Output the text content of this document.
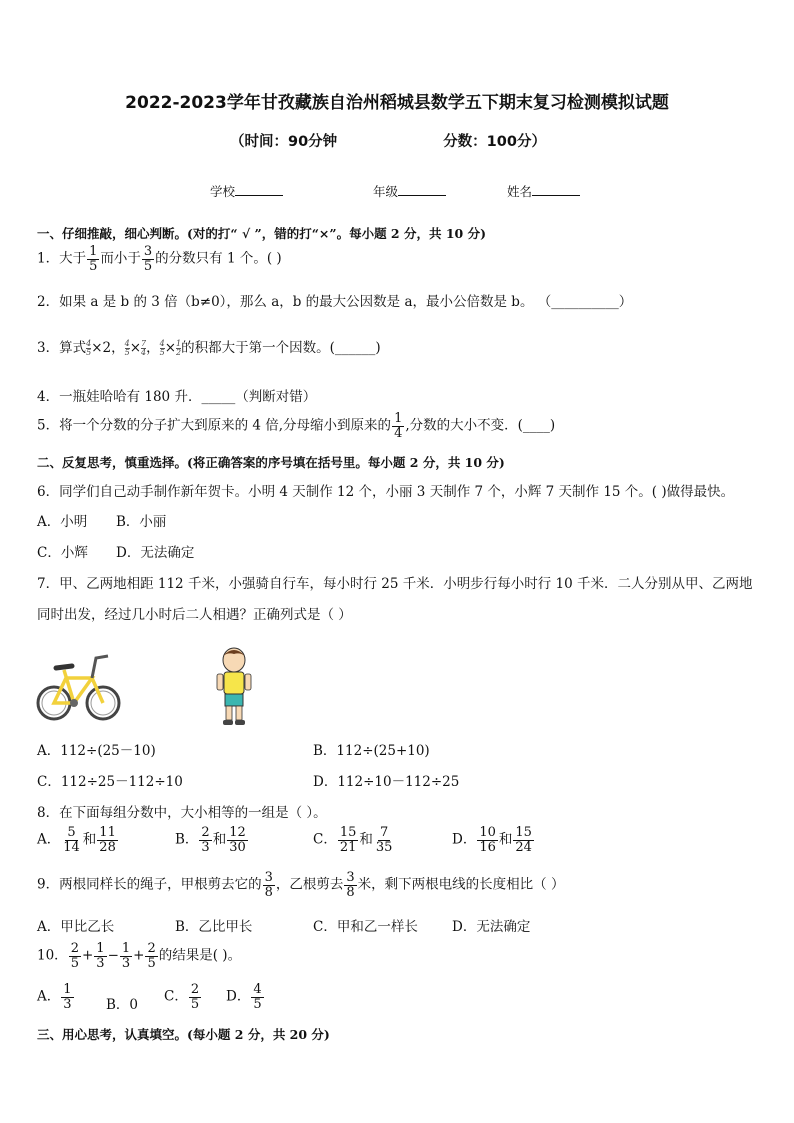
2022-2023学年甘孜藏族自治州稻城县数学五下期末复习检测模拟试题
（时间：90分钟	分数：100分）
学校	年级	姓名
一、仔细推敲，细心判断。(对的打“ √ ”，错的打“×”。每小题 2 分，共 10 分)
1．大于 $\frac{1}{5}$ 而小于 $\frac{3}{5}$ 的分数只有 1 个。( )
2．如果 a 是 b 的 3 倍（b≠0），那么 a，b 的最大公因数是 a，最小公倍数是 b。 （__________）
3．算式 $\frac{4}{5} \times 2$， $\frac{4}{5} \times \frac{7}{4}$ ， $\frac{4}{5} \times \frac{1}{2}$ 的积都大于第一个因数。(______)
4．一瓶娃哈哈有 180 升．_____（判断对错）
5．将一个分数的分子扩大到原来的 4 倍,分母缩小到原来的 $\frac{1}{4}$ ,分数的大小不变．(____)
二、反复思考，慎重选择。(将正确答案的序号填在括号里。每小题 2 分，共 10 分)
6．同学们自己动手制作新年贺卡。小明 4 天制作 12 个，小丽 3 天制作 7 个，小辉 7 天制作 15 个。( )做得最快。
A．小明 B．小丽
C．小辉 D．无法确定
7．甲、乙两地相距 112 千米，小强骑自行车，每小时行 25 千米．小明步行每小时行 10 千米．二人分别从甲、乙两地
同时出发，经过几小时后二人相遇？正确列式是（ ）
A．112÷(25－10)	B．112÷(25+10)
C．112÷25－112÷10	D．112÷10－112÷25
8．在下面每组分数中，大小相等的一组是（ ）。
A． $\frac{5}{14}$ 和 $\frac{11}{28}$	B． $\frac{2}{3}$ 和 $\frac{12}{30}$	C． $\frac{15}{21}$ 和 $\frac{7}{35}$	D． $\frac{10}{16}$ 和 $\frac{15}{24}$
9．两根同样长的绳子，甲根剪去它的 $\frac{3}{8}$ ，乙根剪去 $\frac{3}{8}$ 米，剩下两根电线的长度相比（ ）
A．甲比乙长	B．乙比甲长	C．甲和乙一样长	D．无法确定
10． $\frac{2}{5} + \frac{1}{3} - \frac{1}{3} + \frac{2}{5}$ 的结果是( )。
A． $\frac{1}{3}$ B．0
C． $\frac{2}{5}$ D． $\frac{4}{5}$
三、用心思考，认真填空。(每小题 2 分，共 20 分)
